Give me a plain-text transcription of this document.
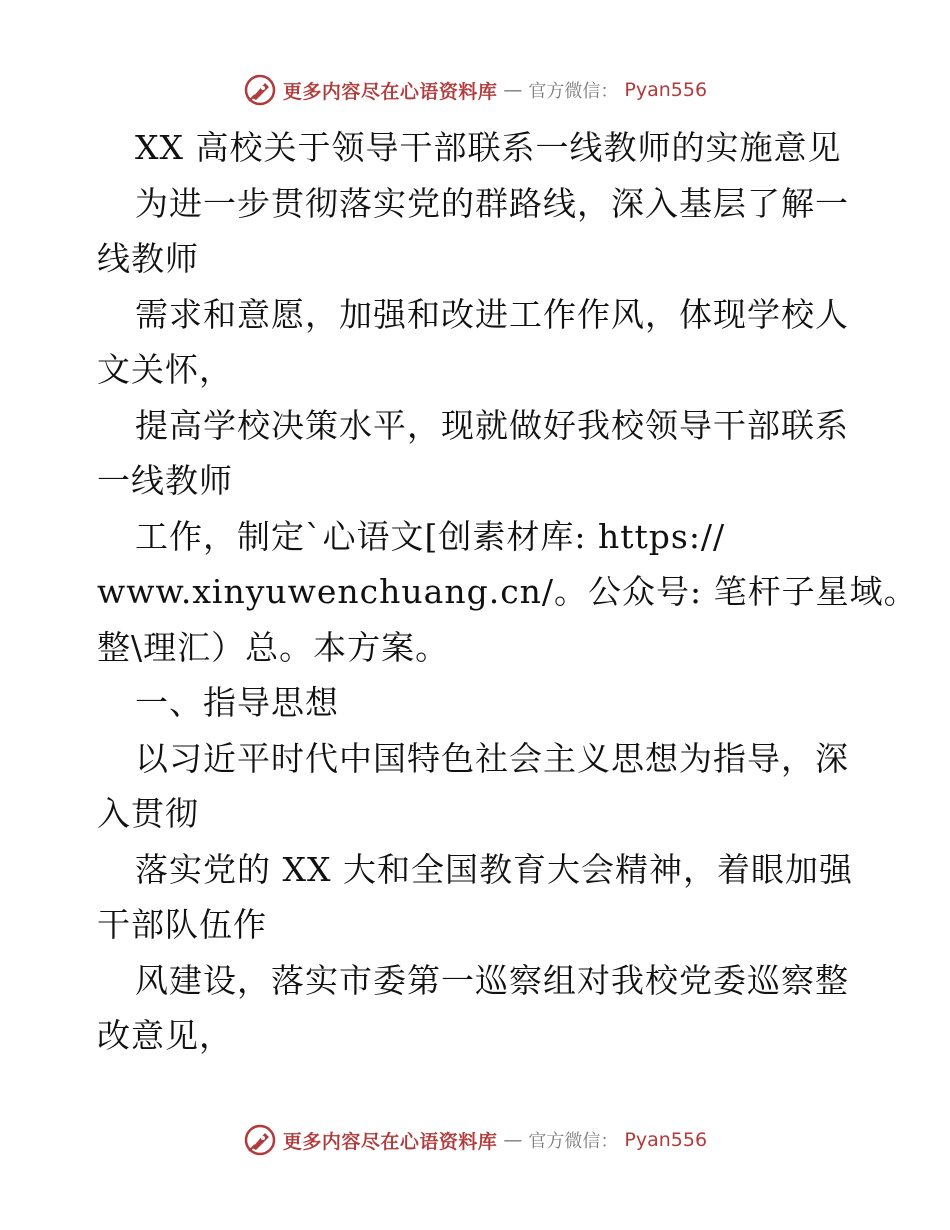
更多内容尽在心语资料库 — 官方微信： Pyan556
XX 高校关于领导干部联系一线教师的实施意见
为进一步贯彻落实党的群路线，深入基层了解一
线教师
需求和意愿，加强和改进工作作风，体现学校人
文关怀，
提高学校决策水平，现就做好我校领导干部联系
一线教师
工作，制定`心语文[创素材库: https://
www.xinyuwenchuang.cn/。公众号: 笔杆子星域。
整\理汇）总。本方案。
一、指导思想
以习近平时代中国特色社会主义思想为指导，深
入贯彻
落实党的 XX 大和全国教育大会精神，着眼加强
干部队伍作
风建设，落实市委第一巡察组对我校党委巡察整
改意见，
更多内容尽在心语资料库 — 官方微信： Pyan556
